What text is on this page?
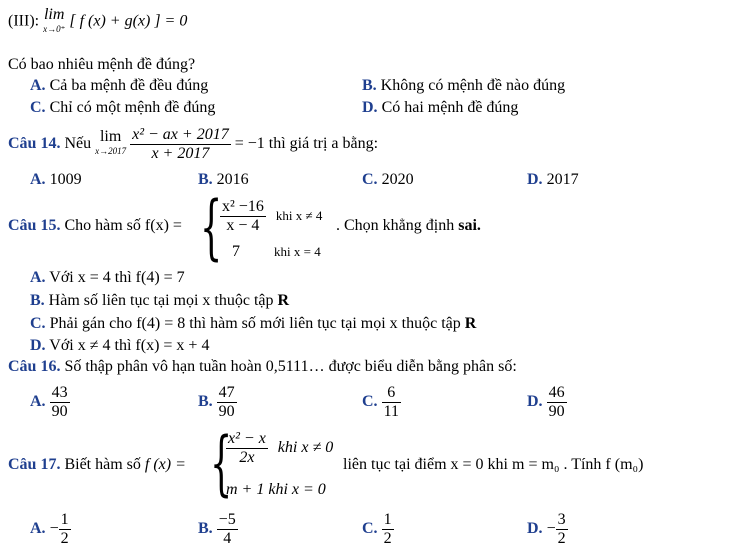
(III): lim
x→0⁺ [ f (x) + g(x) ] = 0
Có bao nhiêu mệnh đề đúng?
A. Cả ba mệnh đề đều đúng	B. Không có mệnh đề nào đúng
C. Chỉ có một mệnh đề đúng	D. Có hai mệnh đề đúng
Câu 14. Nếu lim
x→2017
$\frac{\text{x² − ax + 2017}}{x + 2017} = -1$ thì giá trị a bằng:
A. 1009	B. 2016	C. 2020	D. 2017
Câu 15. Cho hàm số f(x) = {
$\frac{\text{x² −16}}{x - 4}$ khi x ≠ 4
7	khi x = 4
. Chọn khẳng định sai.
A. Với x = 4 thì f(4) = 7
B. Hàm số liên tục tại mọi x thuộc tập R
C. Phải gán cho f(4) = 8 thì hàm số mới liên tục tại mọi x thuộc tập R
D. Với x ≠ 4 thì f(x) = x + 4
Câu 16. Số thập phân vô hạn tuần hoàn 0,5111… được biểu diễn bằng phân số:
A. $\frac{43}{90}$	B. $\frac{47}{90}$	C. $\frac{6}{11}$	D. $\frac{46}{90}$
Câu 17. Biết hàm số f (x) = {
$\frac{\text{x² − x}}{2x}$ khi x ≠ 0
m + 1 khi x = 0
liên tục tại điểm x = 0 khi m = m₀ . Tính f (m₀)
A. − $\frac{1}{2}$	B. $\frac{-5}{4}$	C. $\frac{1}{2}$	D. − $\frac{3}{2}$
